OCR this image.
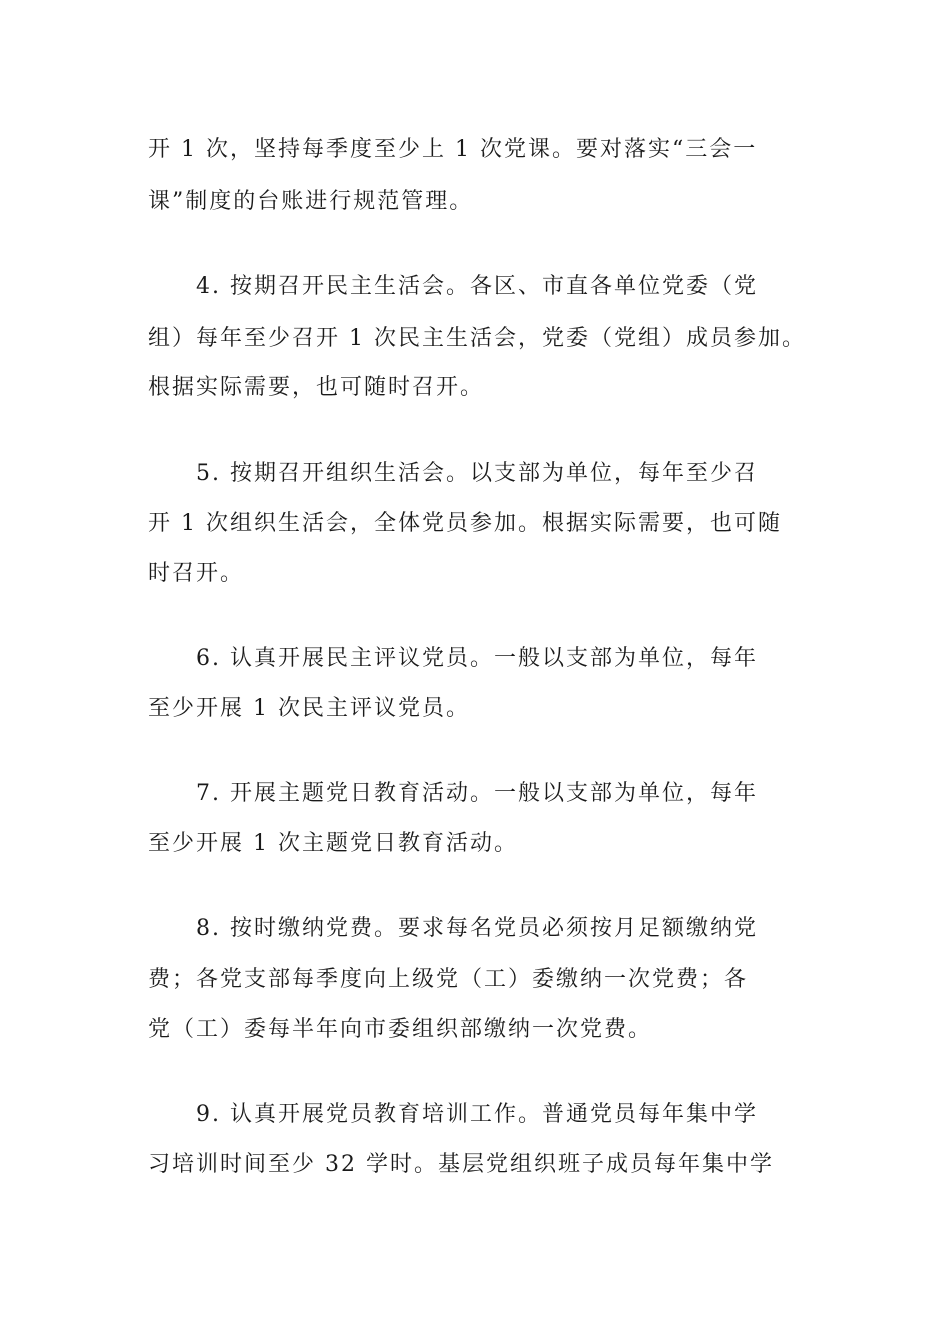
开 1 次，坚持每季度至少上 1 次党课。要对落实“三会一

课”制度的台账进行规范管理。

4. 按期召开民主生活会。各区、市直各单位党委（党

组）每年至少召开 1 次民主生活会，党委（党组）成员参加。

根据实际需要，也可随时召开。

5. 按期召开组织生活会。以支部为单位，每年至少召

开 1 次组织生活会，全体党员参加。根据实际需要，也可随

时召开。

6. 认真开展民主评议党员。一般以支部为单位，每年

至少开展 1 次民主评议党员。

7. 开展主题党日教育活动。一般以支部为单位，每年

至少开展 1 次主题党日教育活动。

8. 按时缴纳党费。要求每名党员必须按月足额缴纳党

费；各党支部每季度向上级党（工）委缴纳一次党费；各

党（工）委每半年向市委组织部缴纳一次党费。

9. 认真开展党员教育培训工作。普通党员每年集中学

习培训时间至少 32 学时。基层党组织班子成员每年集中学
